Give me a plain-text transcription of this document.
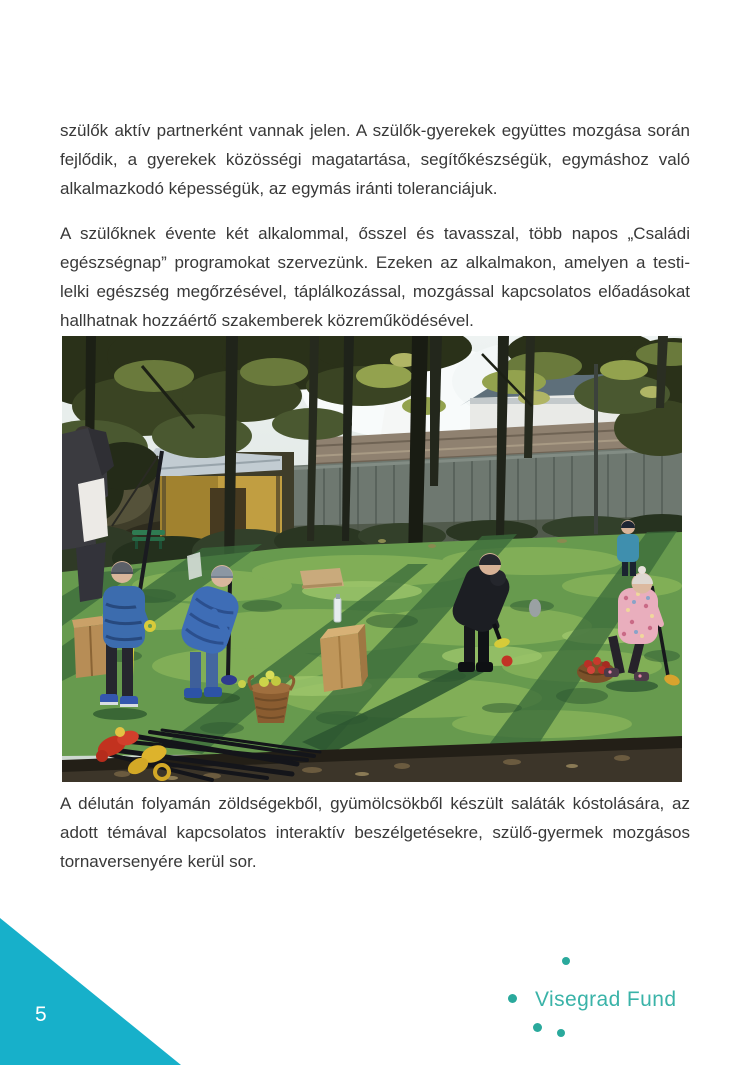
szülők aktív partnerként vannak jelen. A szülők-gyerekek együttes mozgása során fejlődik, a gyerekek közösségi magatartása, segítőkészségük, egymáshoz való alkalmazkodó képességük, az egymás iránti toleranciájuk.

A szülőknek évente két alkalommal, ősszel és tavasszal, több napos „Családi egészségnap” programokat szervezünk. Ezeken az alkalmakon, amelyen a testi-lelki egészség megőrzésével, táplálkozással, mozgással kapcsolatos előadásokat hallhatnak hozzáértő szakemberek közreműködésével.

A délután folyamán zöldségekből, gyümölcsökből készült saláták kóstolására, az adott témával kapcsolatos interaktív beszélgetésekre, szülő-gyermek mozgásos tornaversenyére kerül sor.

5
Visegrad Fund
